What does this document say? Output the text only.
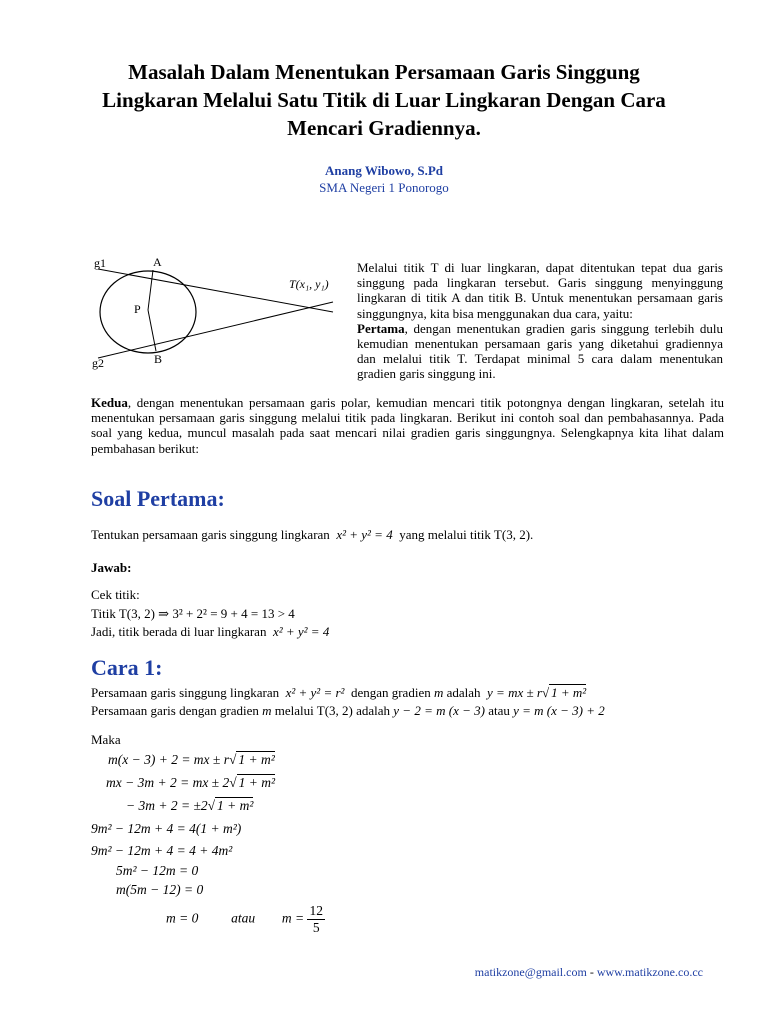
Masalah Dalam Menentukan Persamaan Garis Singgung
Lingkaran Melalui Satu Titik di Luar Lingkaran Dengan Cara
Mencari Gradiennya.
Anang Wibowo, S.Pd
SMA Negeri 1 Ponorogo
g1
g2
A
B
P
T(x₁, y₁)
Melalui titik T di luar lingkaran, dapat ditentukan tepat dua garis singgung pada lingkaran tersebut. Garis singgung menyinggung lingkaran di titik A dan titik B. Untuk menentukan persamaan garis singgungnya, kita bisa menggunakan dua cara, yaitu:
Pertama, dengan menentukan gradien garis singgung terlebih dulu kemudian menentukan persamaan garis yang diketahui gradiennya dan melalui titik T. Terdapat minimal 5 cara dalam menentukan gradien garis singgung ini.
Kedua, dengan menentukan persamaan garis polar, kemudian mencari titik potongnya dengan lingkaran, setelah itu menentukan persamaan garis singgung melalui titik pada lingkaran. Berikut ini contoh soal dan pembahasannya. Pada soal yang kedua, muncul masalah pada saat mencari nilai gradien garis singgungnya. Selengkapnya kita lihat dalam pembahasan berikut:
Soal Pertama:
Tentukan persamaan garis singgung lingkaran x² + y² = 4 yang melalui titik T(3, 2).
Jawab:
Cek titik:
Titik T(3, 2) ⇒ 3² + 2² = 9 + 4 = 13 > 4
Jadi, titik berada di luar lingkaran x² + y² = 4
Cara 1:
Persamaan garis singgung lingkaran x² + y² = r² dengan gradien m adalah y = mx ± r√ 1 + m²
Persamaan garis dengan gradien m melalui T(3, 2) adalah y − 2 = m (x − 3) atau y = m (x − 3) + 2
Maka
m(x − 3) + 2 = mx ± r√ 1 + m²
mx − 3m + 2 = mx ± 2√ 1 + m²
− 3m + 2 = ±2√ 1 + m²
9m² − 12m + 4 = 4(1 + m²)
9m² − 12m + 4 = 4 + 4m²
5m² − 12m = 0
m(5m − 12) = 0
m = 0 atau $m = \frac{12}{5}$
matikzone@gmail.com - www.matikzone.co.cc
